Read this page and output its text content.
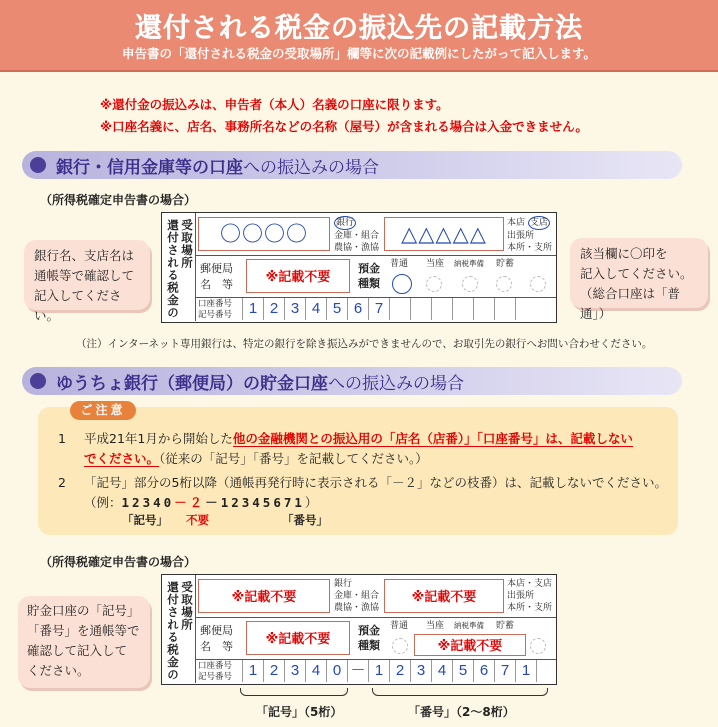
還付される税金の振込先の記載方法
申告書の「還付される税金の受取場所」欄等に次の記載例にしたがって記入します。
※還付金の振込みは、申告者（本人）名義の口座に限ります。
※口座名義に、店名、事務所名などの名称（屋号）が含まれる場合は入金できません。
銀行・信用金庫等の口座への振込みの場合
（所得税確定申告書の場合）
還付される税金の 受取場所	〇〇〇〇	銀行
金庫・組合
農協・漁協
△△△△△	本店 支店
出張所
本所・支所
郵便局
名　等	※記載不要
預金種類
普通 当座 納税準備 貯蓄
口座番号
記号番号	1 2 3 4 5 6 7
銀行名、支店名は
通帳等で確認して
記入してください。
該当欄に〇印を
記入してください。
（総合口座は「普通」）
（注）インターネット専用銀行は、特定の銀行を除き振込みができませんので、お取引先の銀行へお問い合わせください。
ゆうちょ銀行（郵便局）の貯金口座への振込みの場合
1 平成21年1月から開始した他の金融機関との振込用の「店名（店番）」「口座番号」は、記載しない
でください。（従来の「記号」「番号」を記載してください。）
2 「記号」部分の5桁以降（通帳再発行時に表示される「－２」などの枝番）は、記載しないでください。
（例：12340－２－12345671）
「記号」 不要	「番号」
ご注意
（所得税確定申告書の場合）
還付される税金の 受取場所	※記載不要
銀行
金庫・組合
農協・漁協
※記載不要
本店・支店
出張所
本所・支所
郵便局
名　等	※記載不要
預金種類
普通 当座 納税準備 貯蓄
※記載不要
口座番号
記号番号	1 2 3 4 0 － 1 2 3 4 5 6 7 1
「記号」（5桁）	「番号」（2～8桁）
貯金口座の「記号」
「番号」を通帳等で
確認して記入して
ください。
